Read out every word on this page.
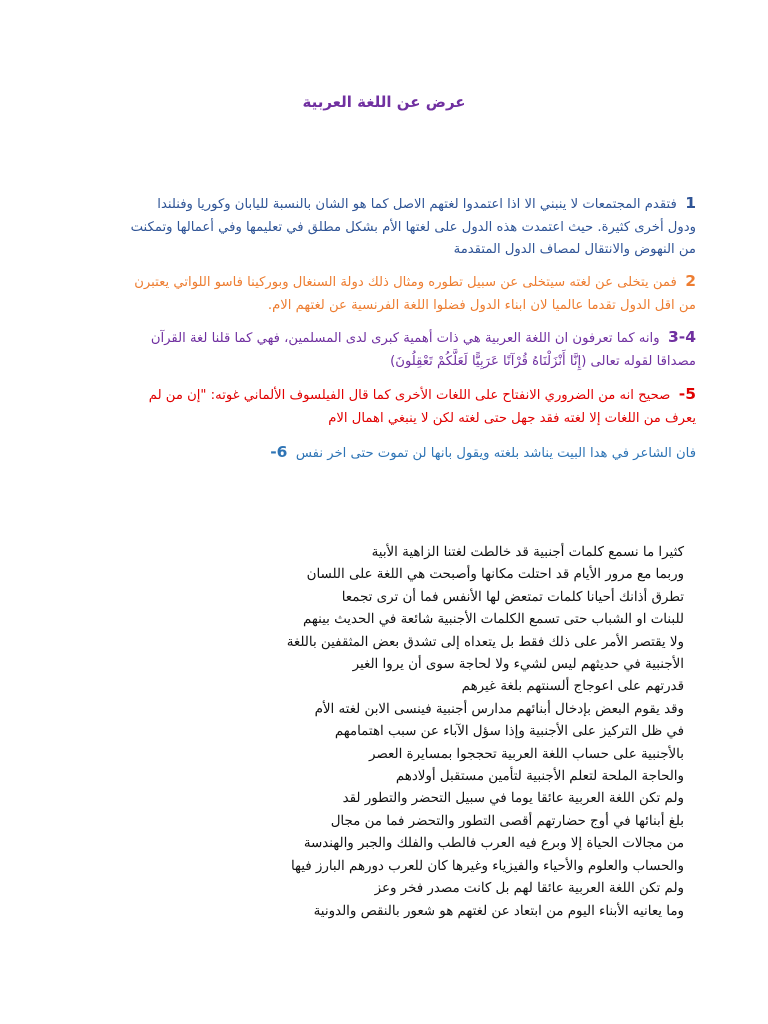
عرض عن اللغة العربية

1  فتقدم المجتمعات لا ينبني الا اذا اعتمدوا لغتهم الاصل كما هو الشان بالنسبة لليابان وكوريا وفنلندا
ودول أخرى كثيرة. حيث اعتمدت هذه الدول على لغتها الأم بشكل مطلق في تعليمها وفي أعمالها وتمكنت
من النهوض والانتقال لمصاف الدول المتقدمة

2  فمن يتخلى عن لغته سيتخلى عن سبيل تطوره ومثال ذلك دولة السنغال وبوركينا فاسو اللواتي يعتبرن
من اقل الدول تقدما عالميا لان ابناء الدول فضلوا اللغة الفرنسية عن لغتهم الام.

3-4  وانه كما تعرفون ان اللغة العربية هي ذات أهمية كبرى لدى المسلمين، فهي كما قلنا لغة القرآن
مصداقا لقوله تعالى (إِنَّا أَنْزَلْنَاهُ قُرْآنًا عَرَبِيًّا لَعَلَّكُمْ تَعْقِلُونَ)

5-  صحيح انه من الضروري الانفتاح على اللغات الأخرى كما قال الفيلسوف الألماني غوته: "إن من لم
يعرف من اللغات إلا لغته فقد جهل حتى لغته لكن لا ينبغي اهمال الام

فان الشاعر في هدا البيت يناشد بلغته ويقول بانها لن تموت حتى اخر نفس  6-

كثيرا ما نسمع كلمات أجنبية قد خالطت لغتنا الزاهية الأبية
وربما مع مرور الأيام قد احتلت مكانها وأصبحت هي اللغة على اللسان
تطرق أذانك أحيانا كلمات تمتعض لها الأنفس فما أن ترى تجمعا
للبنات او الشباب حتى تسمع الكلمات الأجنبية شائعة في الحديث بينهم
ولا يقتصر الأمر على ذلك فقط بل يتعداه إلى تشدق بعض المثقفين باللغة
الأجنبية في حديثهم ليس لشيء ولا لحاجة سوى أن يروا الغير
قدرتهم على اعوجاج ألسنتهم بلغة غيرهم
وقد يقوم البعض بإدخال أبنائهم مدارس أجنبية فينسى الابن لغته الأم
في ظل التركيز على الأجنبية وإذا سؤل الآباء عن سبب اهتمامهم
بالأجنبية على حساب اللغة العربية تحججوا بمسايرة العصر
والحاجة الملحة لتعلم الأجنبية لتأمين مستقبل أولادهم
ولم تكن اللغة العربية عائقا يوما في سبيل التحضر والتطور لقد
بلغ أبنائها في أوج حضارتهم أقصى التطور والتحضر فما من مجال
من مجالات الحياة إلا وبرع فيه العرب فالطب والفلك والجبر والهندسة
والحساب والعلوم والأحياء والفيزياء وغيرها كان للعرب دورهم البارز فيها
ولم تكن اللغة العربية عائقا لهم بل كانت مصدر فخر وعز
وما يعانيه الأبناء اليوم من ابتعاد عن لغتهم هو شعور بالنقص والدونية
